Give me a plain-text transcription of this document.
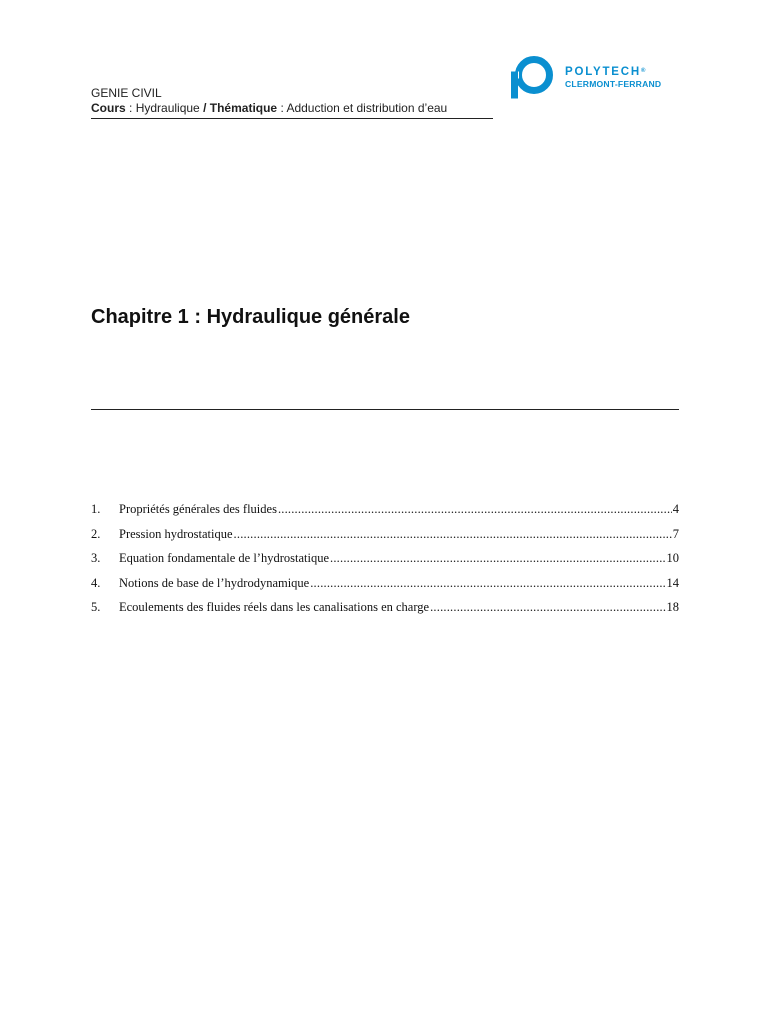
GENIE CIVIL
Cours : Hydraulique / Thématique : Adduction et distribution d’eau
POLYTECH®
CLERMONT-FERRAND
Chapitre 1 : Hydraulique générale
1.	Propriétés générales des fluides .....	4
2.	Pression hydrostatique .....	7
3.	Equation fondamentale de l’hydrostatique .....	10
4.	Notions de base de l’hydrodynamique .....	14
5.	Ecoulements des fluides réels dans les canalisations en charge .....	18
